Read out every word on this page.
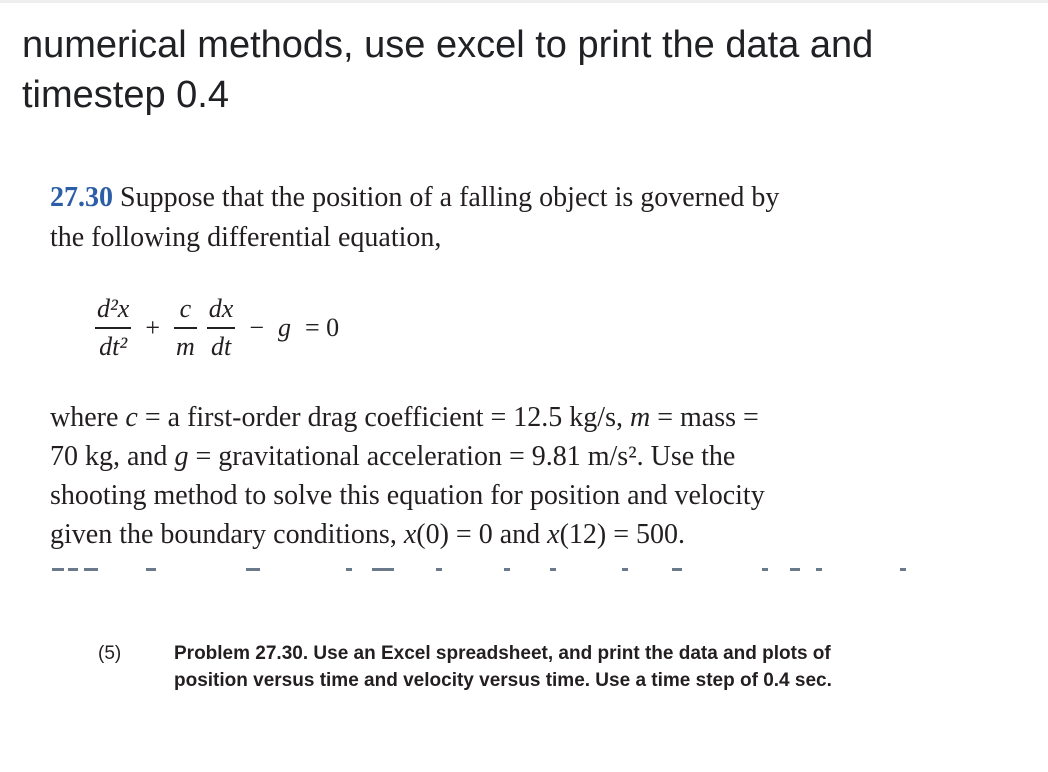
numerical methods, use excel to print the data and
timestep 0.4
27.30 Suppose that the position of a falling object is governed by
the following differential equation,
$\frac{\text{d²x}}{\text{dt²}} + \frac{c}{m} \frac{dx}{dt} - g = 0$
where c = a first-order drag coefficient = 12.5 kg/s, m = mass =
70 kg, and g = gravitational acceleration = 9.81 m/s². Use the
shooting method to solve this equation for position and velocity
given the boundary conditions, x(0) = 0 and x(12) = 500.
(5)	Problem 27.30. Use an Excel spreadsheet, and print the data and plots of
position versus time and velocity versus time. Use a time step of 0.4 sec.
